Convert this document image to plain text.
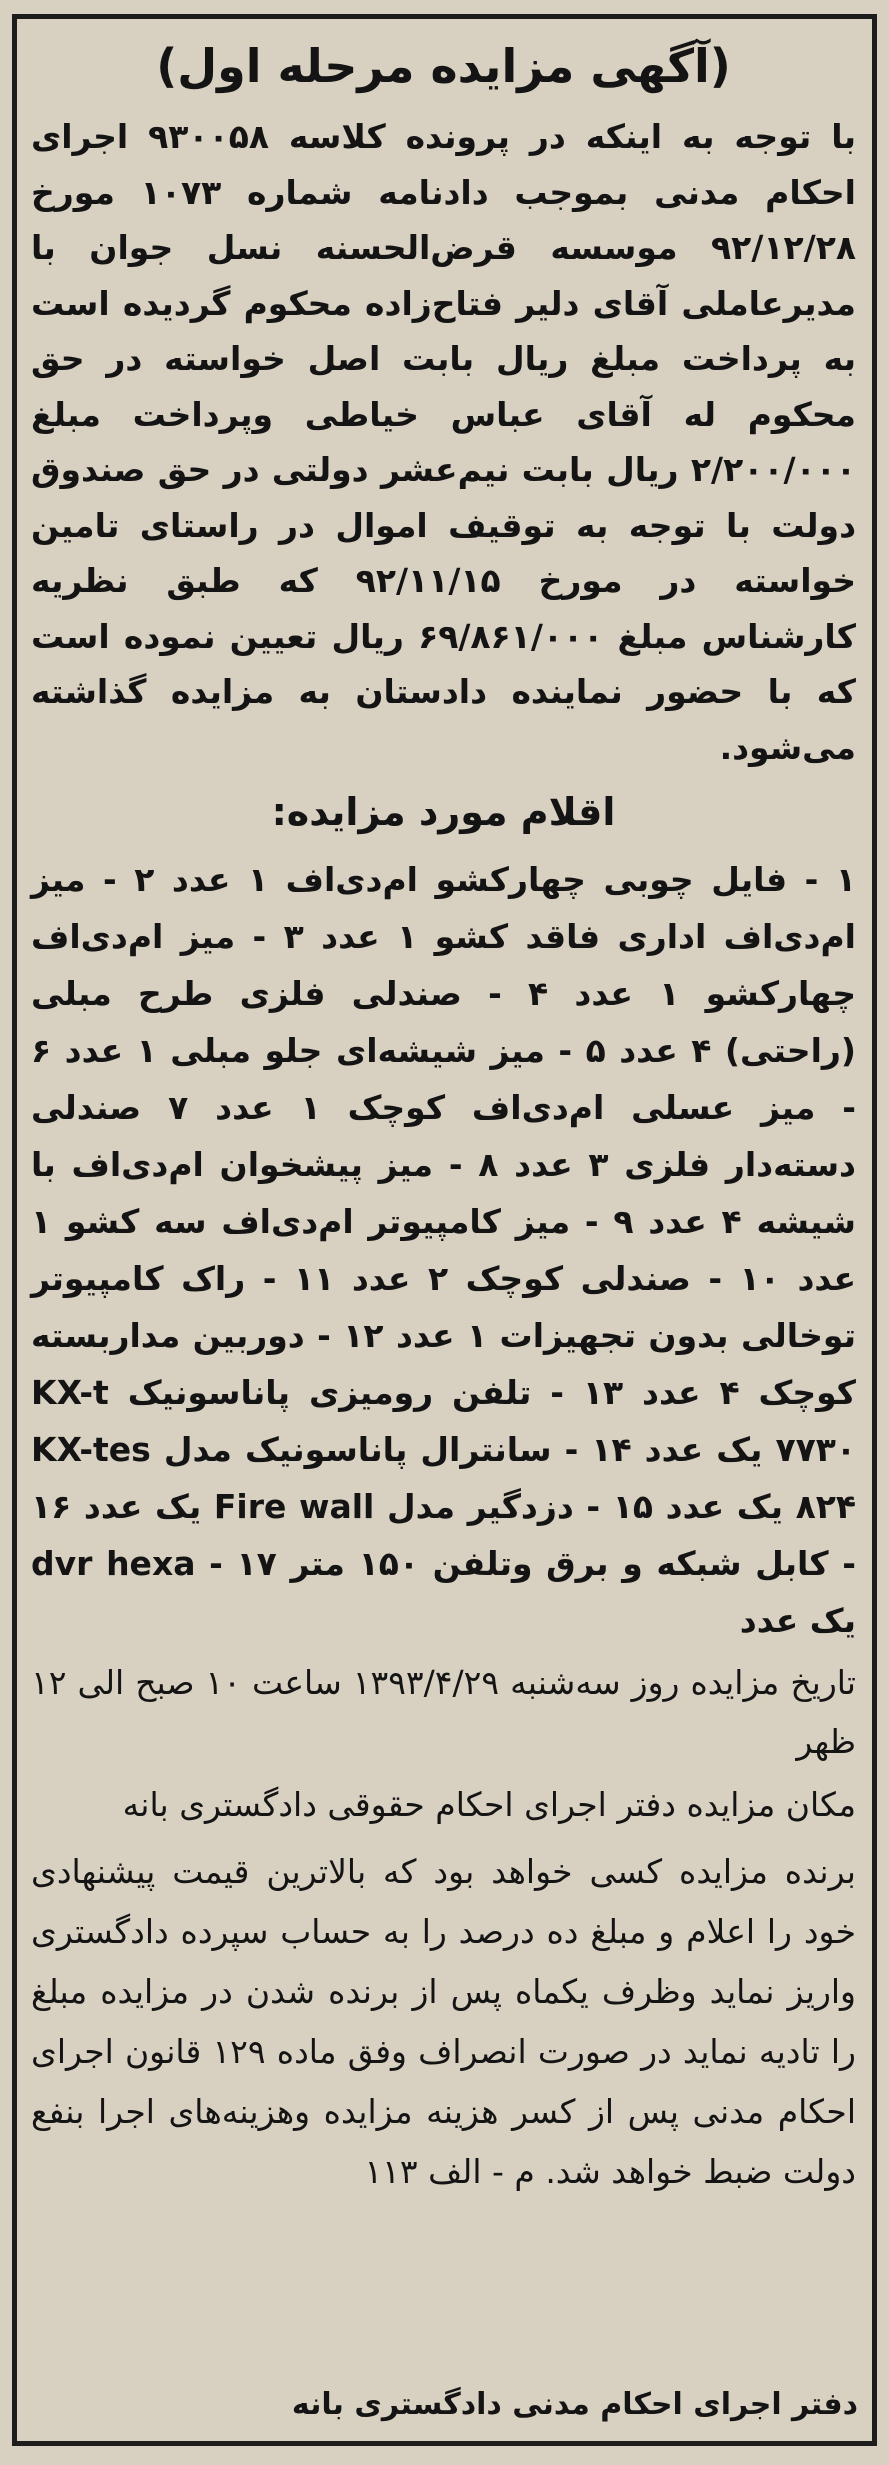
(آگهی مزایده مرحله اول)

با توجه به اینکه در پرونده کلاسه ۹۳۰۰۵۸ اجرای احکام مدنی بموجب دادنامه شماره ۱۰۷۳ مورخ ۹۲/۱۲/۲۸ موسسه قرض‌الحسنه نسل جوان با مدیرعاملی آقای دلیر فتاح‌زاده محکوم گردیده است به پرداخت مبلغ ریال بابت اصل خواسته در حق محکوم له آقای عباس خیاطی وپرداخت مبلغ ۲/۲۰۰/۰۰۰ ریال بابت نیم‌عشر دولتی در حق صندوق دولت با توجه به توقیف اموال در راستای تامین خواسته در مورخ ۹۲/۱۱/۱۵ که طبق نظریه کارشناس مبلغ ۶۹/۸۶۱/۰۰۰ ریال تعیین نموده است که با حضور نماینده دادستان به مزایده گذاشته می‌شود.

اقلام مورد مزایده:

۱ - فایل چوبی چهارکشو ام‌دی‌اف ۱ عدد ۲ - میز ام‌دی‌اف اداری فاقد کشو ۱ عدد ۳ - میز ام‌دی‌اف چهارکشو ۱ عدد ۴ - صندلی فلزی طرح مبلی (راحتی) ۴ عدد ۵ - میز شیشه‌ای جلو مبلی ۱ عدد ۶ - میز عسلی ام‌دی‌اف کوچک ۱ عدد ۷ صندلی دسته‌دار فلزی ۳ عدد ۸ - میز پیشخوان ام‌دی‌اف با شیشه ۴ عدد ۹ - میز کامپیوتر ام‌دی‌اف سه کشو ۱ عدد ۱۰ - صندلی کوچک ۲ عدد ۱۱ - راک کامپیوتر توخالی بدون تجهیزات ۱ عدد ۱۲ - دوربین مداربسته کوچک ۴ عدد ۱۳ - تلفن رومیزی پاناسونیک KX-t ۷۷۳۰ یک عدد ۱۴ - سانترال پاناسونیک مدل KX-tes ۸۲۴ یک عدد ۱۵ - دزدگیر مدل Fire wall یک عدد ۱۶ - کابل شبکه و برق وتلفن ۱۵۰ متر ۱۷ - dvr hexa یک عدد

تاریخ مزایده روز سه‌شنبه ۱۳۹۳/۴/۲۹ ساعت ۱۰ صبح الی ۱۲ ظهر

مکان مزایده دفتر اجرای احکام حقوقی دادگستری بانه

برنده مزایده کسی خواهد بود که بالاترین قیمت پیشنهادی خود را اعلام و مبلغ ده درصد را به حساب سپرده دادگستری واریز نماید وظرف یکماه پس از برنده شدن در مزایده مبلغ را تادیه نماید در صورت انصراف وفق ماده ۱۲۹ قانون اجرای احکام مدنی پس از کسر هزینه مزایده وهزینه‌های اجرا بنفع دولت ضبط خواهد شد. م - الف ۱۱۳

دفتر اجرای احکام مدنی دادگستری بانه
